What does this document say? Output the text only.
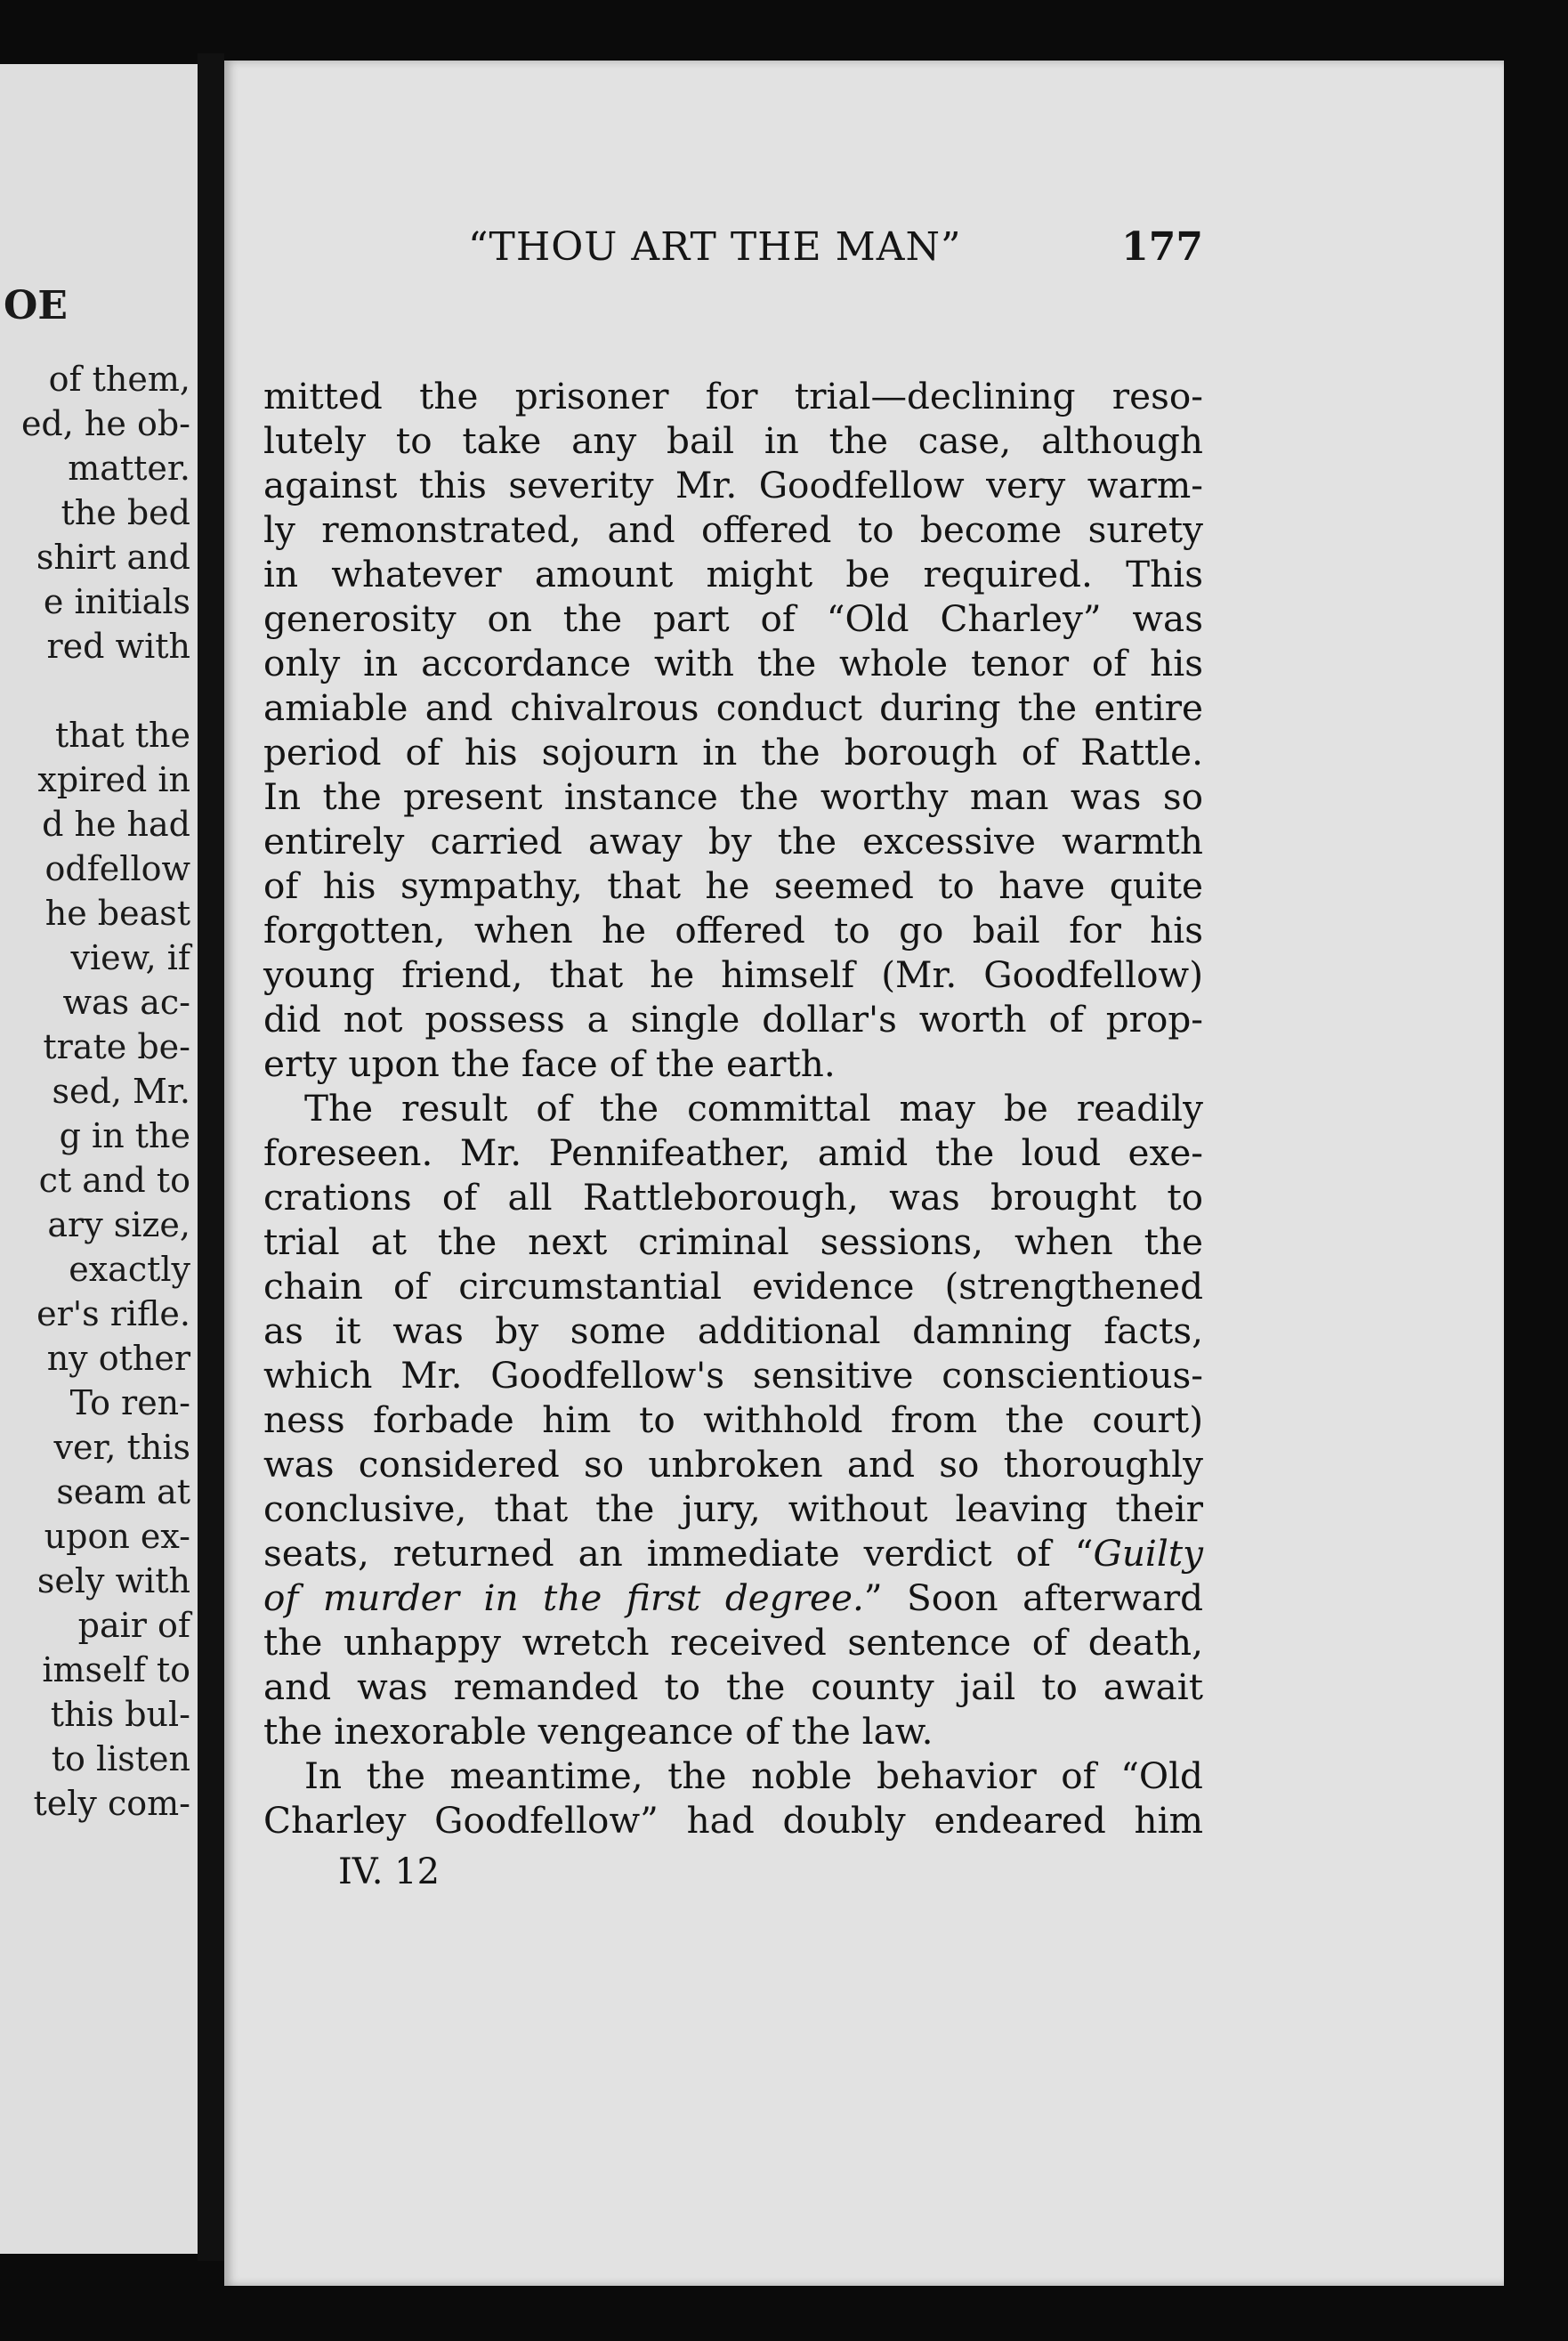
OE
of them,
ed, he ob-
matter.
the bed
shirt and
e initials
red with
that the
xpired in
d he had
odfellow
he beast
view, if
was ac-
trate be-
sed, Mr.
g in the
ct and to
ary size,
exactly
er's rifle.
ny other
To ren-
ver, this
seam at
upon ex-
sely with
pair of
imself to
this bul-
to listen
tely com-
“THOU ART THE MAN”	177
mitted the prisoner for trial—declining reso-
lutely to take any bail in the case, although
against this severity Mr. Goodfellow very warm-
ly remonstrated, and offered to become surety
in whatever amount might be required. This
generosity on the part of “Old Charley” was
only in accordance with the whole tenor of his
amiable and chivalrous conduct during the entire
period of his sojourn in the borough of Rattle.
In the present instance the worthy man was so
entirely carried away by the excessive warmth
of his sympathy, that he seemed to have quite
forgotten, when he offered to go bail for his
young friend, that he himself (Mr. Goodfellow)
did not possess a single dollar's worth of prop-
erty upon the face of the earth.
The result of the committal may be readily
foreseen. Mr. Pennifeather, amid the loud exe-
crations of all Rattleborough, was brought to
trial at the next criminal sessions, when the
chain of circumstantial evidence (strengthened
as it was by some additional damning facts,
which Mr. Goodfellow's sensitive conscientious-
ness forbade him to withhold from the court)
was considered so unbroken and so thoroughly
conclusive, that the jury, without leaving their
seats, returned an immediate verdict of “Guilty
of murder in the first degree.” Soon afterward
the unhappy wretch received sentence of death,
and was remanded to the county jail to await
the inexorable vengeance of the law.
In the meantime, the noble behavior of “Old
Charley Goodfellow” had doubly endeared him
IV. 12
